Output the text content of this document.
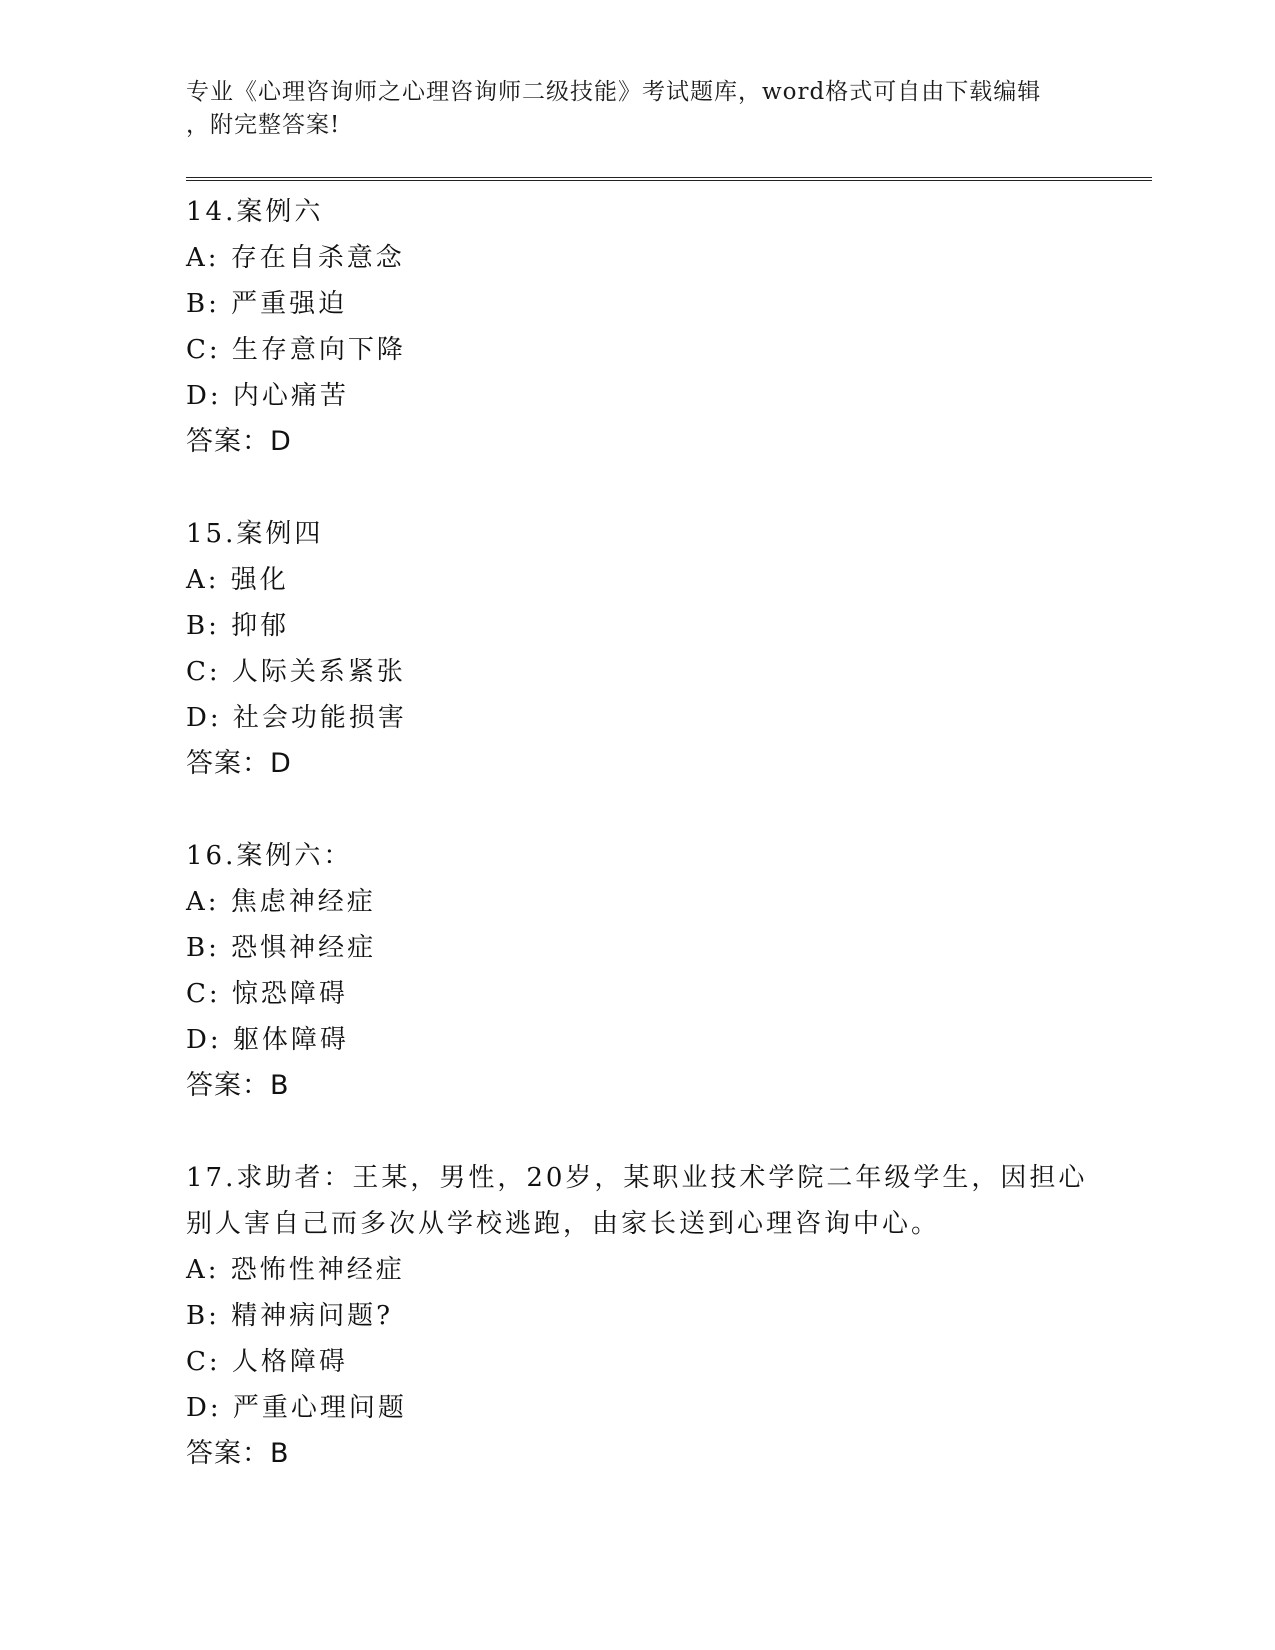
专业《心理咨询师之心理咨询师二级技能》考试题库，word格式可自由下载编辑
，附完整答案!
14.案例六
A: 存在自杀意念
B: 严重强迫
C: 生存意向下降
D: 内心痛苦
答案：D
15.案例四
A: 强化
B: 抑郁
C: 人际关系紧张
D: 社会功能损害
答案：D
16.案例六：
A: 焦虑神经症
B: 恐惧神经症
C: 惊恐障碍
D: 躯体障碍
答案：B
17.求助者：王某，男性，20岁，某职业技术学院二年级学生，因担心
别人害自己而多次从学校逃跑，由家长送到心理咨询中心。
A: 恐怖性神经症
B: 精神病问题?
C: 人格障碍
D: 严重心理问题
答案：B
